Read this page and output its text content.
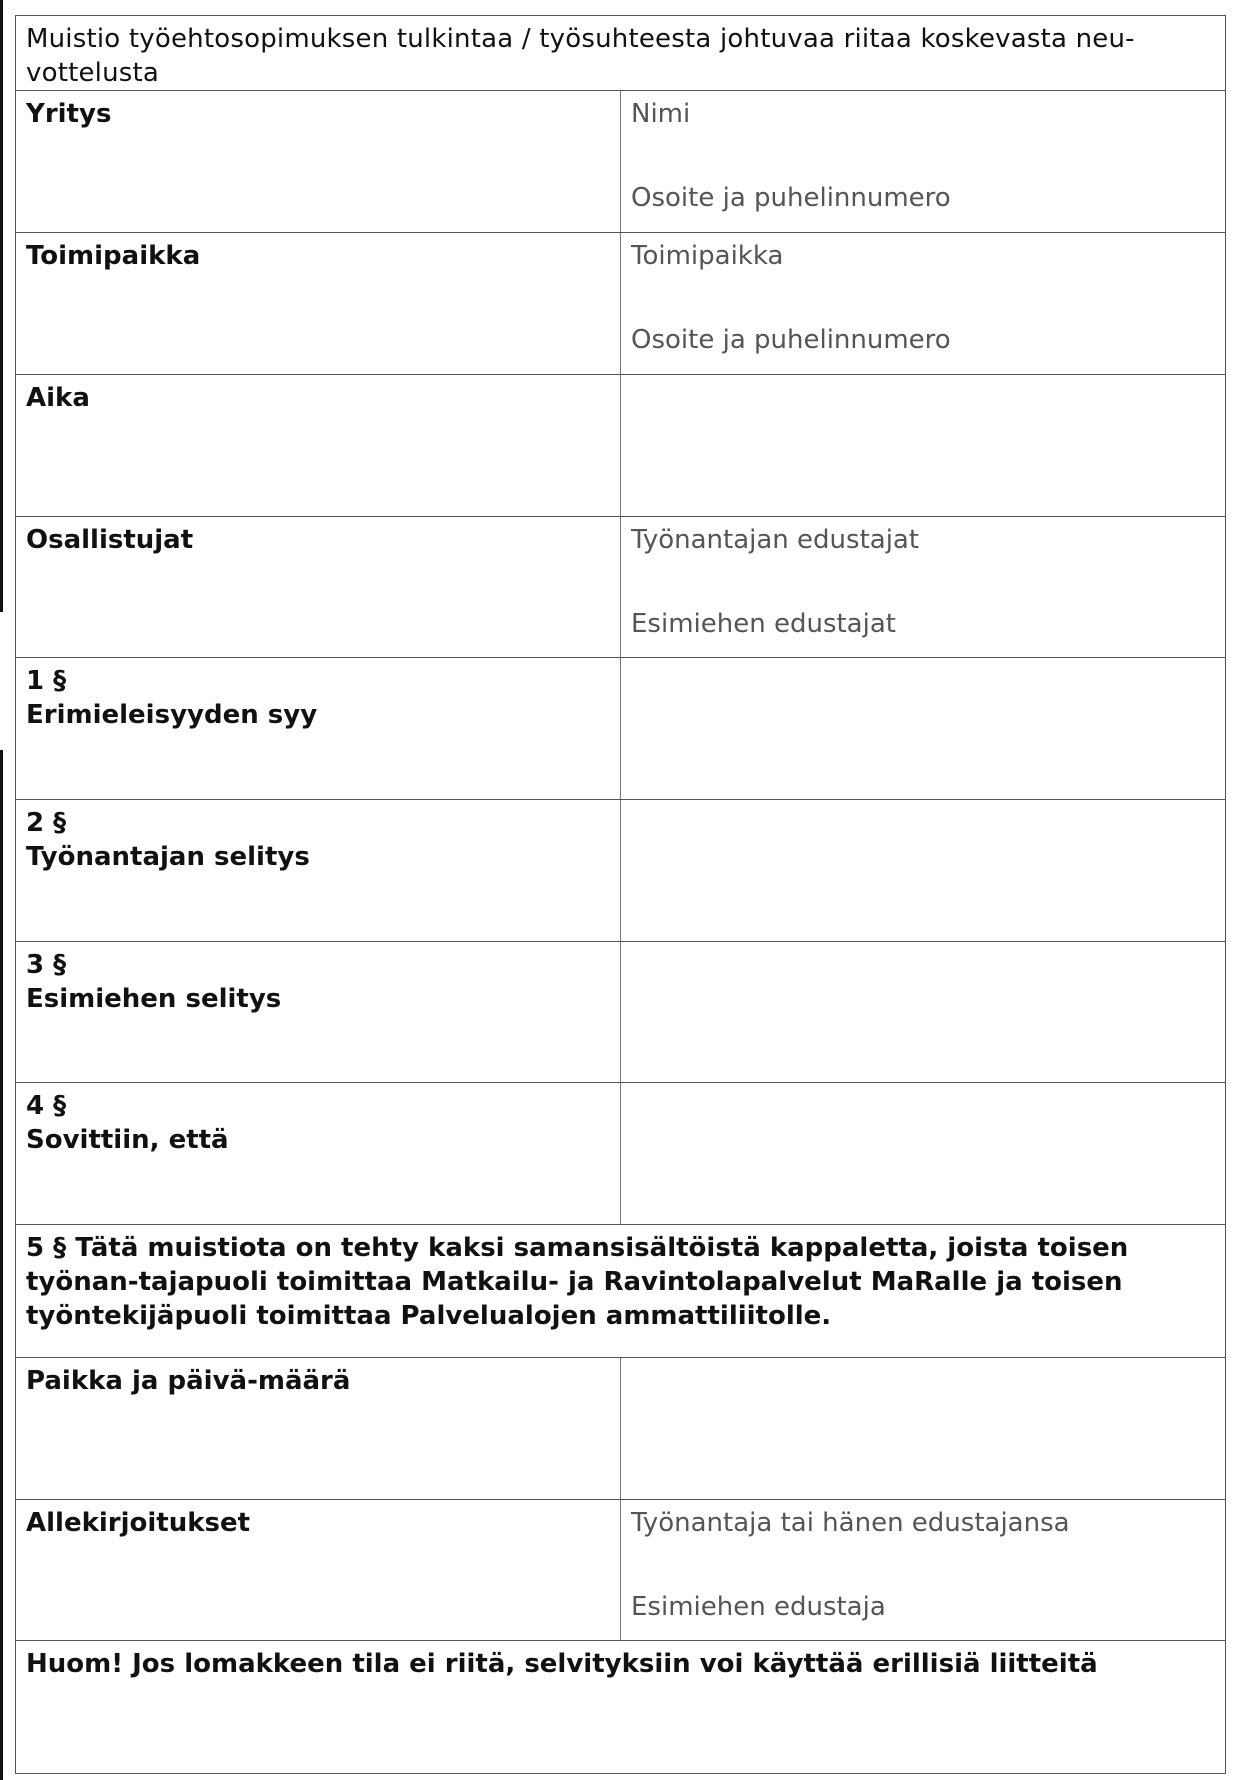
Muistio työehtosopimuksen tulkintaa / työsuhteesta johtuvaa riitaa koskevasta neu-vottelusta	
Yritys	Nimi
Osoite ja puhelinnumero

Toimipaikka	Toimipaikka
Osoite ja puhelinnumero

Aika	
Osallistujat	Työnantajan edustajat
Esimiehen edustajat

1 §
Erimieleisyyden syy	
2 §
Työnantajan selitys	
3 §
Esimiehen selitys	
4 §
Sovittiin, että	
5 § Tätä muistiota on tehty kaksi samansisältöistä kappaletta, joista toisen työnan-tajapuoli toimittaa Matkailu- ja Ravintolapalvelut MaRalle ja toisen työntekijäpuoli toimittaa Palvelualojen ammattiliitolle.	
Paikka ja päivä-määrä	
Allekirjoitukset	Työnantaja tai hänen edustajansa
Esimiehen edustaja

Huom! Jos lomakkeen tila ei riitä, selvityksiin voi käyttää erillisiä liitteitä	
